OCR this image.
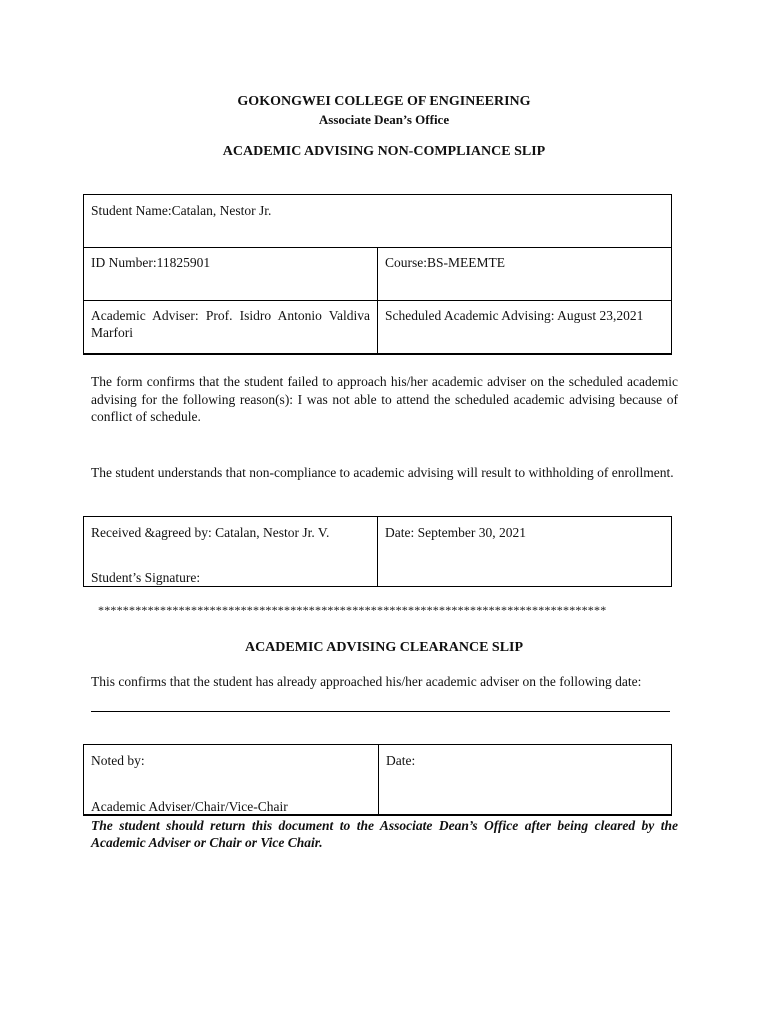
GOKONGWEI COLLEGE OF ENGINEERING
Associate Dean’s Office
ACADEMIC ADVISING NON-COMPLIANCE SLIP
Student Name:Catalan, Nestor Jr.
ID Number:11825901	Course:BS-MEEMTE
Academic Adviser: Prof. Isidro Antonio Valdiva Marfori
Scheduled Academic Advising: August 23,2021
The form confirms that the student failed to approach his/her academic adviser on the scheduled academic advising for the following reason(s): I was not able to attend the scheduled academic advising because of conflict of schedule.
The student understands that non-compliance to academic advising will result to withholding of enrollment.
Received &agreed by: Catalan, Nestor Jr. V.
Student’s Signature:
Date: September 30, 2021
**********************************************************************************
ACADEMIC ADVISING CLEARANCE SLIP
This confirms that the student has already approached his/her academic adviser on the following date:
Noted by:
Academic Adviser/Chair/Vice-Chair
Date:
The student should return this document to the Associate Dean’s Office after being cleared by the Academic Adviser or Chair or Vice Chair.
